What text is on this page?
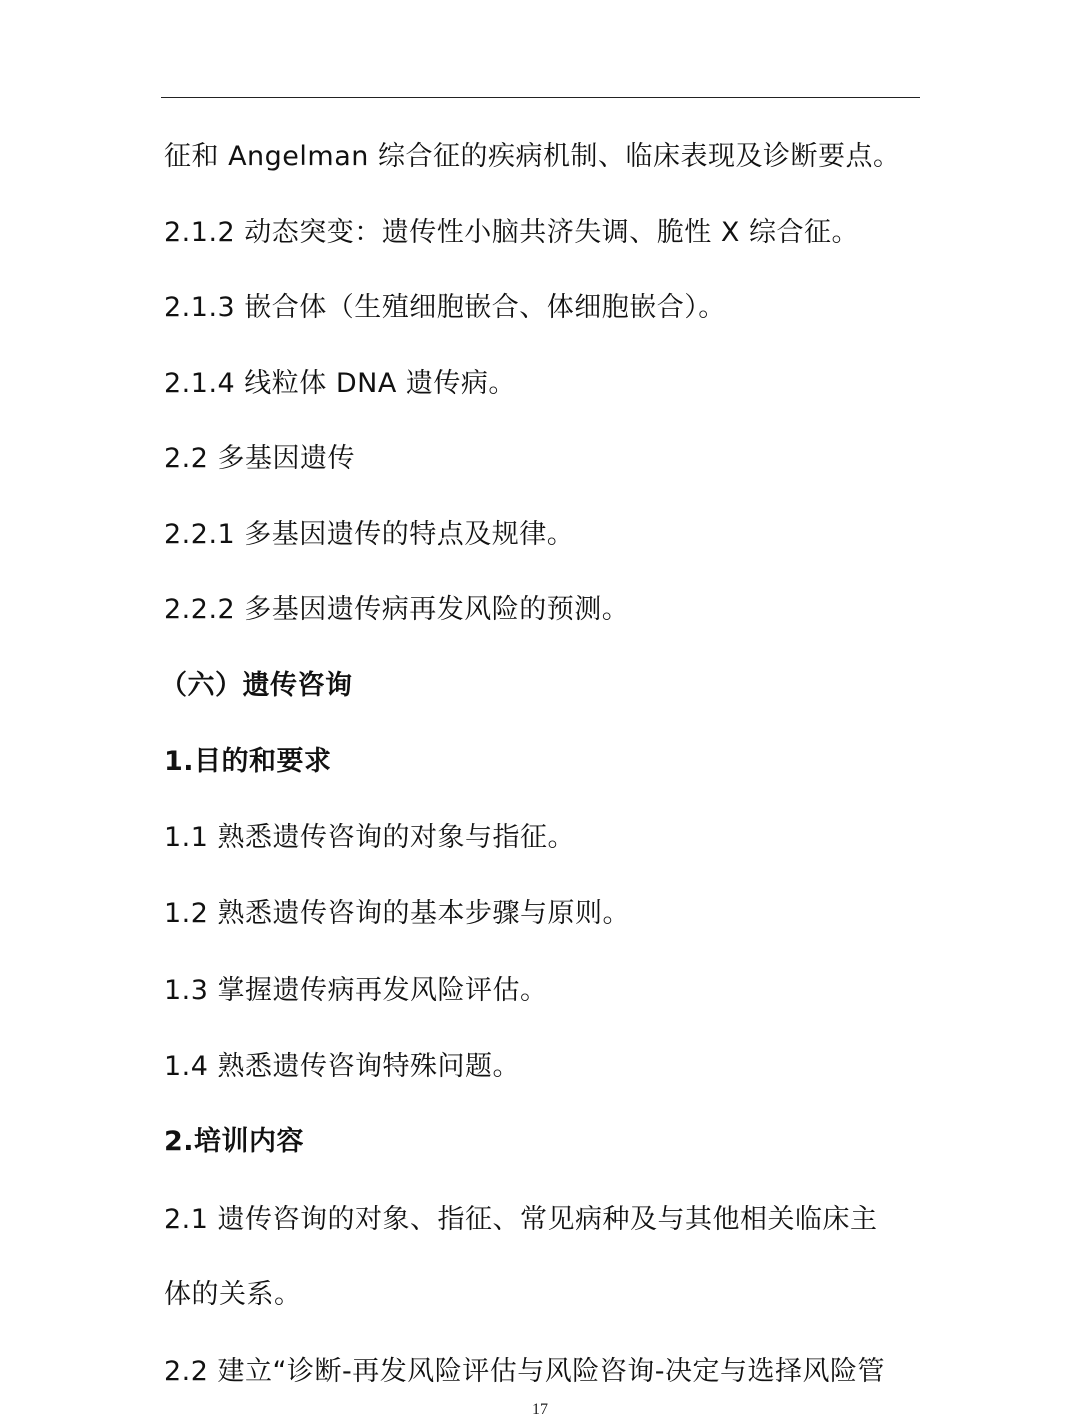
征和 Angelman 综合征的疾病机制、临床表现及诊断要点。
2.1.2 动态突变：遗传性小脑共济失调、脆性 X 综合征。
2.1.3 嵌合体（生殖细胞嵌合、体细胞嵌合）。
2.1.4 线粒体 DNA 遗传病。
2.2 多基因遗传
2.2.1 多基因遗传的特点及规律。
2.2.2 多基因遗传病再发风险的预测。
（六）遗传咨询
1.目的和要求
1.1 熟悉遗传咨询的对象与指征。
1.2 熟悉遗传咨询的基本步骤与原则。
1.3 掌握遗传病再发风险评估。
1.4 熟悉遗传咨询特殊问题。
2.培训内容
2.1 遗传咨询的对象、指征、常见病种及与其他相关临床主
体的关系。
2.2 建立“诊断-再发风险评估与风险咨询-决定与选择风险管
17
